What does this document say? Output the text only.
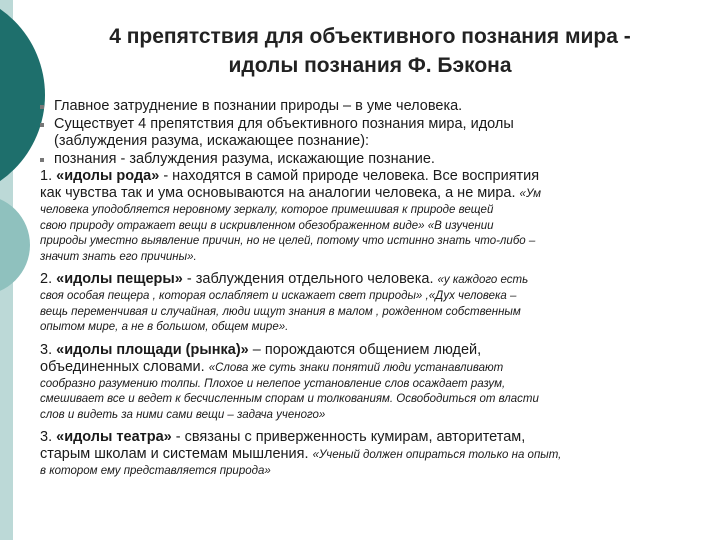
4 препятствия для объективного познания мира -
идолы познания Ф. Бэкона
Главное затруднение в познании природы – в уме человека.
Существует 4 препятствия для объективного познания мира, идолы
(заблуждения разума, искажающее познание):
познания - заблуждения разума, искажающие познание.
1. «идолы рода» - находятся в самой природе человека. Все восприятия
как чувства так и ума основываются на аналогии человека, а не мира. «Ум
человека уподобляется неровному зеркалу, которое примешивая к природе вещей
свою природу отражает вещи в искривленном обезображенном виде» «В изучении
природы уместно выявление причин, но не целей, потому что истинно знать что-либо –
значит знать его причины».
2. «идолы пещеры» - заблуждения отдельного человека. «у каждого есть
своя особая пещера , которая ослабляет и искажает свет природы» ,«Дух человека –
вещь переменчивая и случайная, люди ищут знания в малом , рожденном собственным
опытом мире, а не в большом, общем мире».
3. «идолы площади (рынка)» – порождаются общением людей,
объединенных словами. «Слова же суть знаки понятий люди устанавливают
сообразно разумению толпы. Плохое и нелепое установление слов осаждает разум,
смешивает все и ведет к бесчисленным спорам и толкованиям. Освободиться от власти
слов и видеть за ними сами вещи – задача ученого»
3. «идолы театра» - связаны с приверженность кумирам, авторитетам,
старым школам и системам мышления. «Ученый должен опираться только на опыт,
в котором ему представляется природа»
